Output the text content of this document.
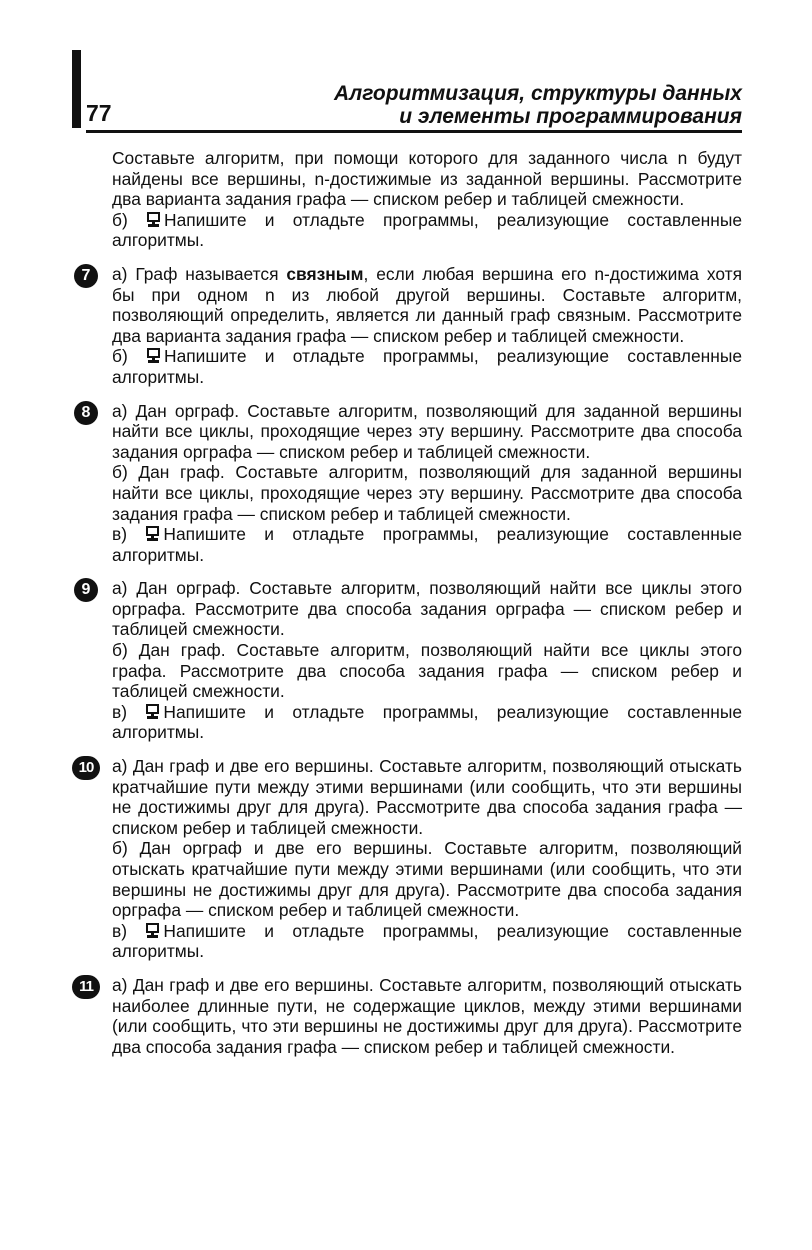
77
Алгоритмизация, структуры данных
и элементы программирования

Составьте алгоритм, при помощи которого для заданного числа n будут найдены все вершины, n-достижимые из заданной вершины. Рассмотрите два варианта задания графа — списком ребер и таблицей смежности.

б) Напишите и отладьте программы, реализующие составленные алгоритмы.

7	а) Граф называется связным, если любая вершина его n-достижима хотя бы при одном n из любой другой вершины. Составьте алгоритм, позволяющий определить, является ли данный граф связным. Рассмотрите два варианта задания графа — списком ребер и таблицей смежности.

б) Напишите и отладьте программы, реализующие составленные алгоритмы.

8	а) Дан орграф. Составьте алгоритм, позволяющий для заданной вершины найти все циклы, проходящие через эту вершину. Рассмотрите два способа задания орграфа — списком ребер и таблицей смежности.

б) Дан граф. Составьте алгоритм, позволяющий для заданной вершины найти все циклы, проходящие через эту вершину. Рассмотрите два способа задания графа — списком ребер и таблицей смежности.

в) Напишите и отладьте программы, реализующие составленные алгоритмы.

9	а) Дан орграф. Составьте алгоритм, позволяющий найти все циклы этого орграфа. Рассмотрите два способа задания орграфа — списком ребер и таблицей смежности.

б) Дан граф. Составьте алгоритм, позволяющий найти все циклы этого графа. Рассмотрите два способа задания графа — списком ребер и таблицей смежности.

в) Напишите и отладьте программы, реализующие составленные алгоритмы.

10	а) Дан граф и две его вершины. Составьте алгоритм, позволяющий отыскать кратчайшие пути между этими вершинами (или сообщить, что эти вершины не достижимы друг для друга). Рассмотрите два способа задания графа — списком ребер и таблицей смежности.

б) Дан орграф и две его вершины. Составьте алгоритм, позволяющий отыскать кратчайшие пути между этими вершинами (или сообщить, что эти вершины не достижимы друг для друга). Рассмотрите два способа задания орграфа — списком ребер и таблицей смежности.

в) Напишите и отладьте программы, реализующие составленные алгоритмы.

11	а) Дан граф и две его вершины. Составьте алгоритм, позволяющий отыскать наиболее длинные пути, не содержащие циклов, между этими вершинами (или сообщить, что эти вершины не достижимы друг для друга). Рассмотрите два способа задания графа — списком ребер и таблицей смежности.
